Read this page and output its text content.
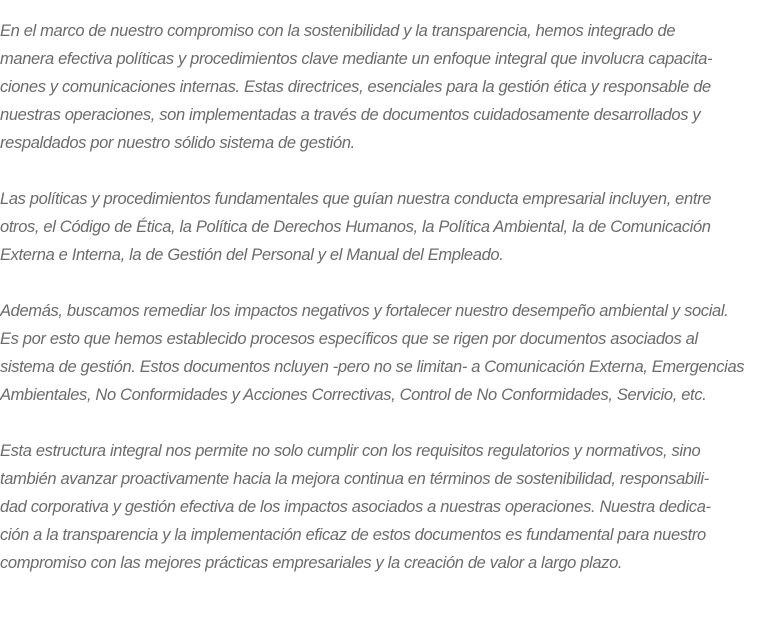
En el marco de nuestro compromiso con la sostenibilidad y la transparencia, hemos integrado de
manera efectiva políticas y procedimientos clave mediante un enfoque integral que involucra capacita-
ciones y comunicaciones internas. Estas directrices, esenciales para la gestión ética y responsable de
nuestras operaciones, son implementadas a través de documentos cuidadosamente desarrollados y
respaldados por nuestro sólido sistema de gestión.

Las políticas y procedimientos fundamentales que guían nuestra conducta empresarial incluyen, entre
otros, el Código de Ética, la Política de Derechos Humanos, la Política Ambiental, la de Comunicación
Externa e Interna, la de Gestión del Personal y el Manual del Empleado.

Además, buscamos remediar los impactos negativos y fortalecer nuestro desempeño ambiental y social.
Es por esto que hemos establecido procesos específicos que se rigen por documentos asociados al
sistema de gestión. Estos documentos ncluyen -pero no se limitan- a Comunicación Externa, Emergencias
Ambientales, No Conformidades y Acciones Correctivas, Control de No Conformidades, Servicio, etc.

Esta estructura integral nos permite no solo cumplir con los requisitos regulatorios y normativos, sino
también avanzar proactivamente hacia la mejora continua en términos de sostenibilidad, responsabili-
dad corporativa y gestión efectiva de los impactos asociados a nuestras operaciones. Nuestra dedica-
ción a la transparencia y la implementación eficaz de estos documentos es fundamental para nuestro
compromiso con las mejores prácticas empresariales y la creación de valor a largo plazo.
